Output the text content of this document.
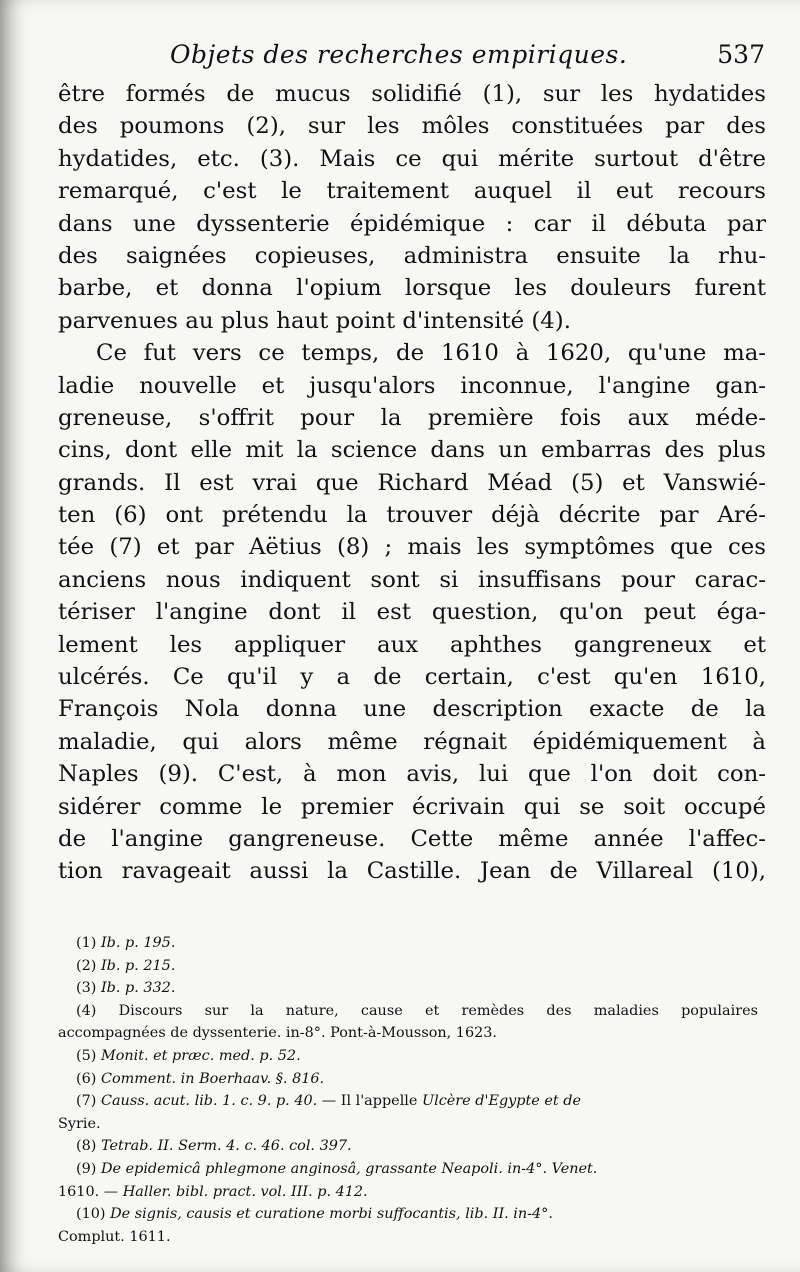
Objets des recherches empiriques.	537
être formés de mucus solidifié (1), sur les hydatides
des poumons (2), sur les môles constituées par des
hydatides, etc. (3). Mais ce qui mérite surtout d'être
remarqué, c'est le traitement auquel il eut recours
dans une dyssenterie épidémique : car il débuta par
des saignées copieuses, administra ensuite la rhu-
barbe, et donna l'opium lorsque les douleurs furent
parvenues au plus haut point d'intensité (4).
Ce fut vers ce temps, de 1610 à 1620, qu'une ma-
ladie nouvelle et jusqu'alors inconnue, l'angine gan-
greneuse, s'offrit pour la première fois aux méde-
cins, dont elle mit la science dans un embarras des plus
grands. Il est vrai que Richard Méad (5) et Vanswié-
ten (6) ont prétendu la trouver déjà décrite par Aré-
tée (7) et par Aëtius (8) ; mais les symptômes que ces
anciens nous indiquent sont si insuffisans pour carac-
tériser l'angine dont il est question, qu'on peut éga-
lement les appliquer aux aphthes gangreneux et
ulcérés. Ce qu'il y a de certain, c'est qu'en 1610,
François Nola donna une description exacte de la
maladie, qui alors même régnait épidémiquement à
Naples (9). C'est, à mon avis, lui que l'on doit con-
sidérer comme le premier écrivain qui se soit occupé
de l'angine gangreneuse. Cette même année l'affec-
tion ravageait aussi la Castille. Jean de Villareal (10),
(1) Ib. p. 195.
(2) Ib. p. 215.
(3) Ib. p. 332.
(4) Discours sur la nature, cause et remèdes des maladies populaires
accompagnées de dyssenterie. in-8°. Pont-à-Mousson, 1623.
(5) Monit. et præc. med. p. 52.
(6) Comment. in Boerhaav. §. 816.
(7) Causs. acut. lib. 1. c. 9. p. 40. — Il l'appelle Ulcère d'Egypte et de
Syrie.
(8) Tetrab. II. Serm. 4. c. 46. col. 397.
(9) De epidemicâ phlegmone anginosâ, grassante Neapoli. in-4°. Venet.
1610. — Haller. bibl. pract. vol. III. p. 412.
(10) De signis, causis et curatione morbi suffocantis, lib. II. in-4°.
Complut. 1611.
